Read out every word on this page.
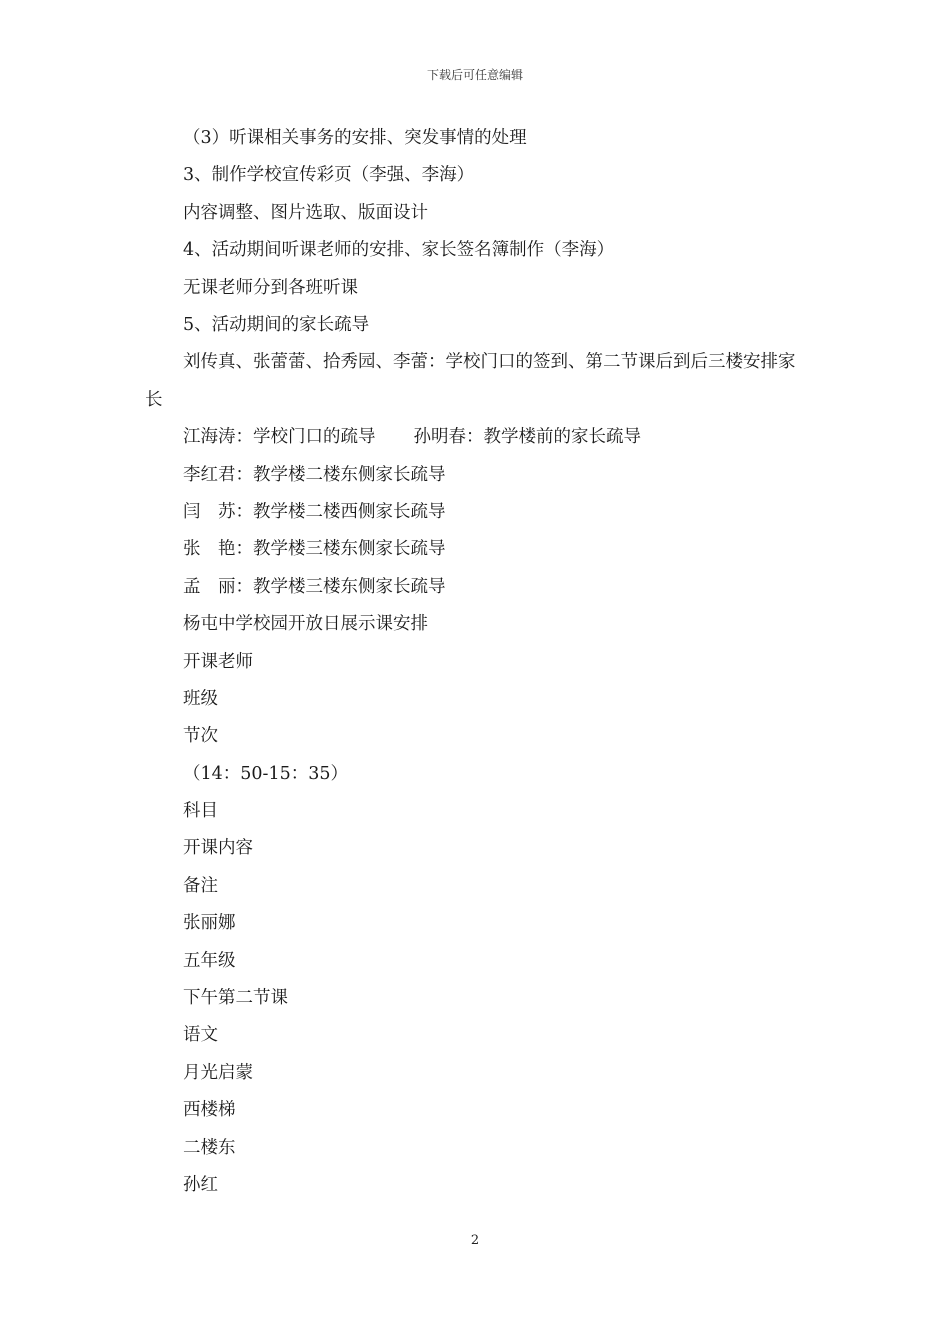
下载后可任意编辑
（3）听课相关事务的安排、突发事情的处理
3、制作学校宣传彩页（李强、李海）
内容调整、图片选取、版面设计
4、活动期间听课老师的安排、家长签名簿制作（李海）
无课老师分到各班听课
5、活动期间的家长疏导
刘传真、张蕾蕾、拾秀园、李蕾：学校门口的签到、第二节课后到后三楼安排家长
江海涛：学校门口的疏导 孙明春：教学楼前的家长疏导
李红君：教学楼二楼东侧家长疏导
闫　苏：教学楼二楼西侧家长疏导
张　艳：教学楼三楼东侧家长疏导
孟　丽：教学楼三楼东侧家长疏导
杨屯中学校园开放日展示课安排
开课老师
班级
节次
（14：50-15：35）
科目
开课内容
备注
张丽娜
五年级
下午第二节课
语文
月光启蒙
西楼梯
二楼东
孙红
2
